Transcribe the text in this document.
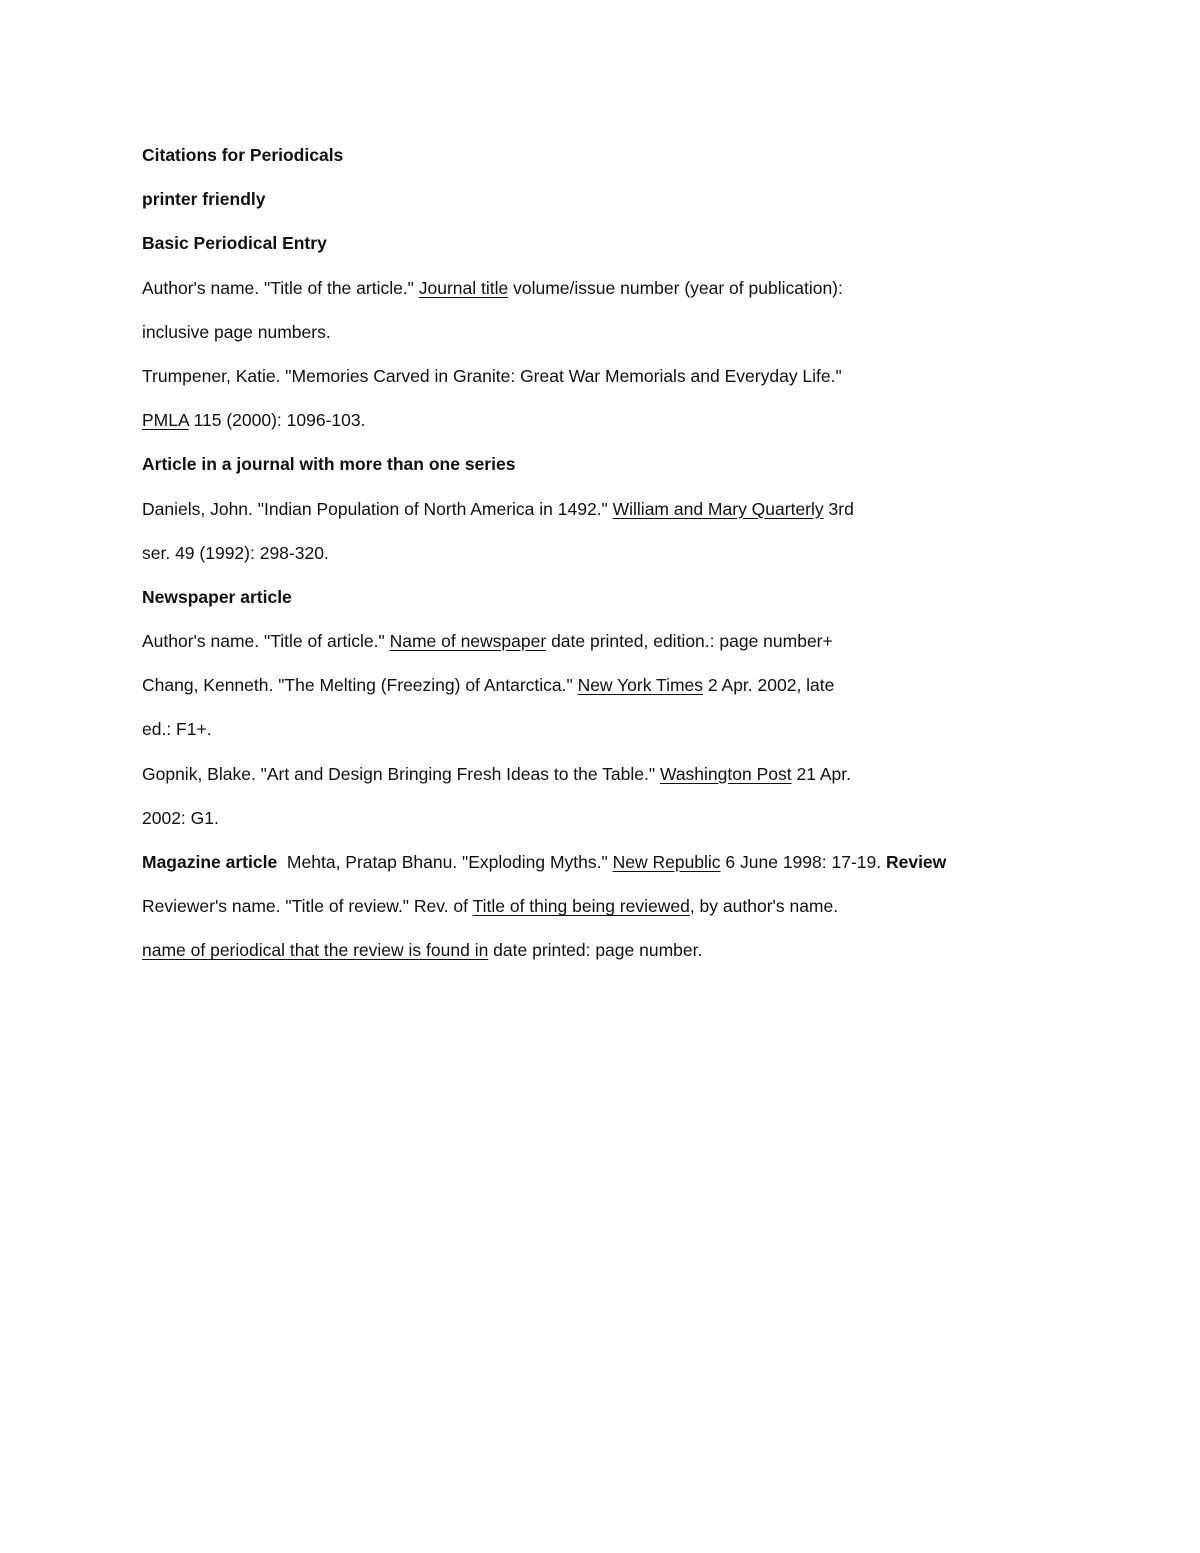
Citations for Periodicals
printer friendly
Basic Periodical Entry
Author's name. "Title of the article." Journal title volume/issue number (year of publication):
inclusive page numbers.
Trumpener, Katie. "Memories Carved in Granite: Great War Memorials and Everyday Life."
PMLA 115 (2000): 1096-103.
Article in a journal with more than one series
Daniels, John. "Indian Population of North America in 1492." William and Mary Quarterly 3rd
ser. 49 (1992): 298-320.
Newspaper article
Author's name. "Title of article." Name of newspaper date printed, edition.: page number+
Chang, Kenneth. "The Melting (Freezing) of Antarctica." New York Times 2 Apr. 2002, late
ed.: F1+.
Gopnik, Blake. "Art and Design Bringing Fresh Ideas to the Table." Washington Post 21 Apr.
2002: G1.
Magazine article  Mehta, Pratap Bhanu. "Exploding Myths." New Republic 6 June 1998: 17-19. Review
Reviewer's name. "Title of review." Rev. of Title of thing being reviewed, by author's name.
name of periodical that the review is found in date printed: page number.
